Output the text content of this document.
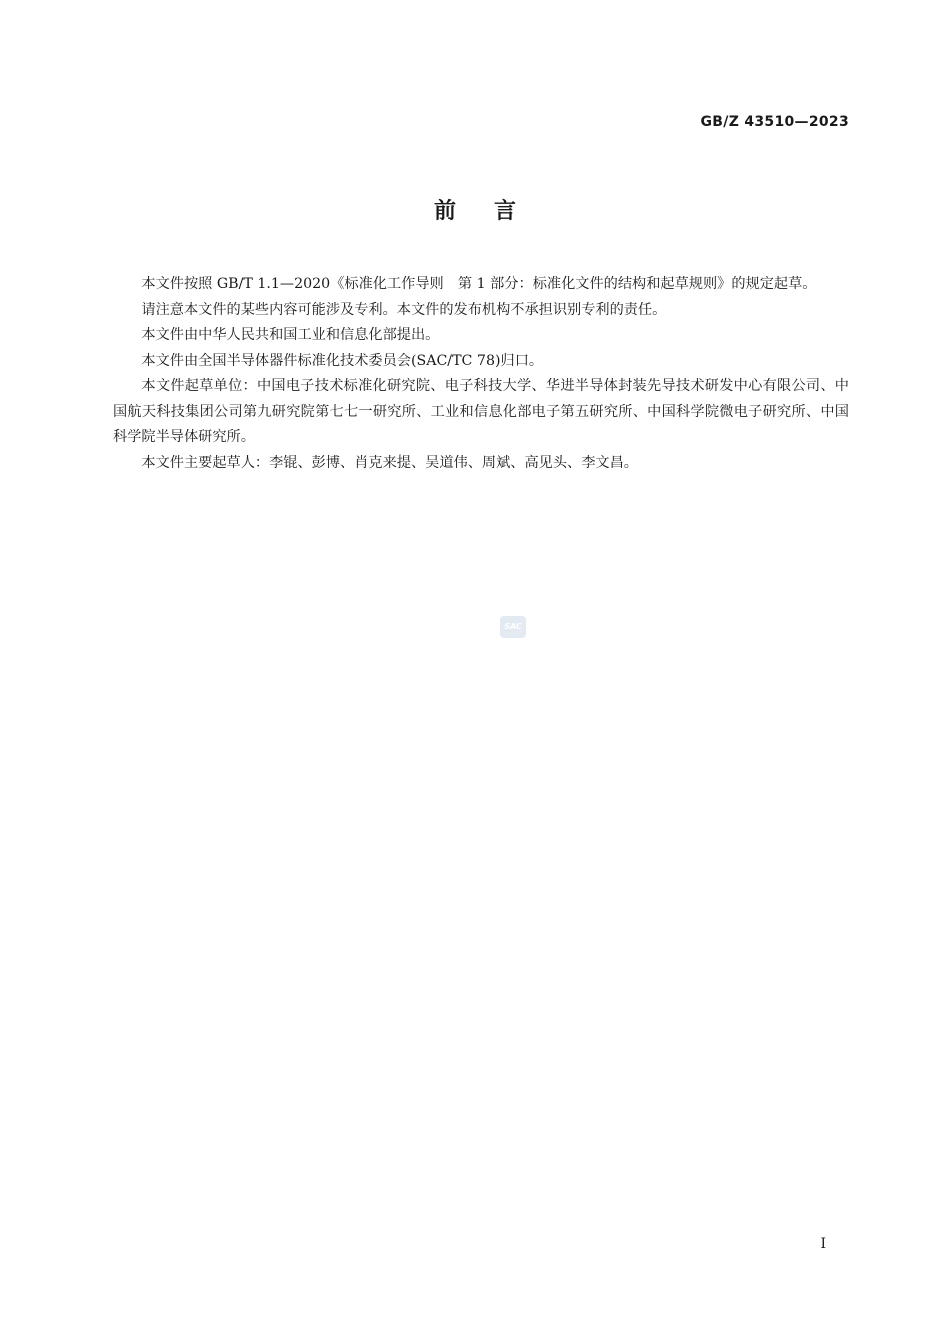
GB/Z 43510—2023
前言

本文件按照 GB/T 1.1—2020《标准化工作导则　第 1 部分：标准化文件的结构和起草规则》的规定起草。

请注意本文件的某些内容可能涉及专利。本文件的发布机构不承担识别专利的责任。

本文件由中华人民共和国工业和信息化部提出。

本文件由全国半导体器件标准化技术委员会(SAC/TC 78)归口。

本文件起草单位：中国电子技术标准化研究院、电子科技大学、华进半导体封装先导技术研发中心有限公司、中国航天科技集团公司第九研究院第七七一研究所、工业和信息化部电子第五研究所、中国科学院微电子研究所、中国科学院半导体研究所。

本文件主要起草人：李锟、彭博、肖克来提、吴道伟、周斌、高见头、李文昌。

SAC
I
